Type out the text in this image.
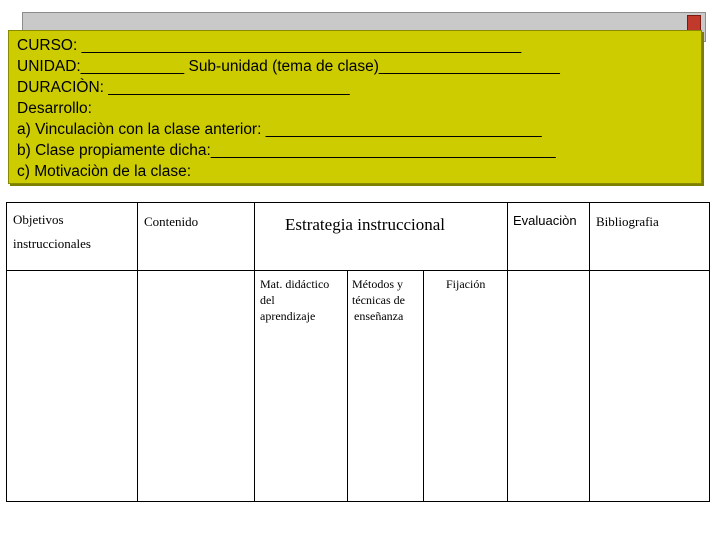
CURSO: ___________________________________________________
UNIDAD:____________ Sub-unidad (tema de clase)_____________________
DURACIÒN: ____________________________
Desarrollo:
a) Vinculaciòn con la clase anterior: ________________________________
b) Clase propiamente dicha:________________________________________
c) Motivaciòn de la clase:
Objetivos
instruccionales
Contenido	Estrategia instruccional	Evaluaciòn Bibliografia
Mat. didáctico
del
aprendizaje
Métodos y
técnicas de
enseñanza
Fijación
